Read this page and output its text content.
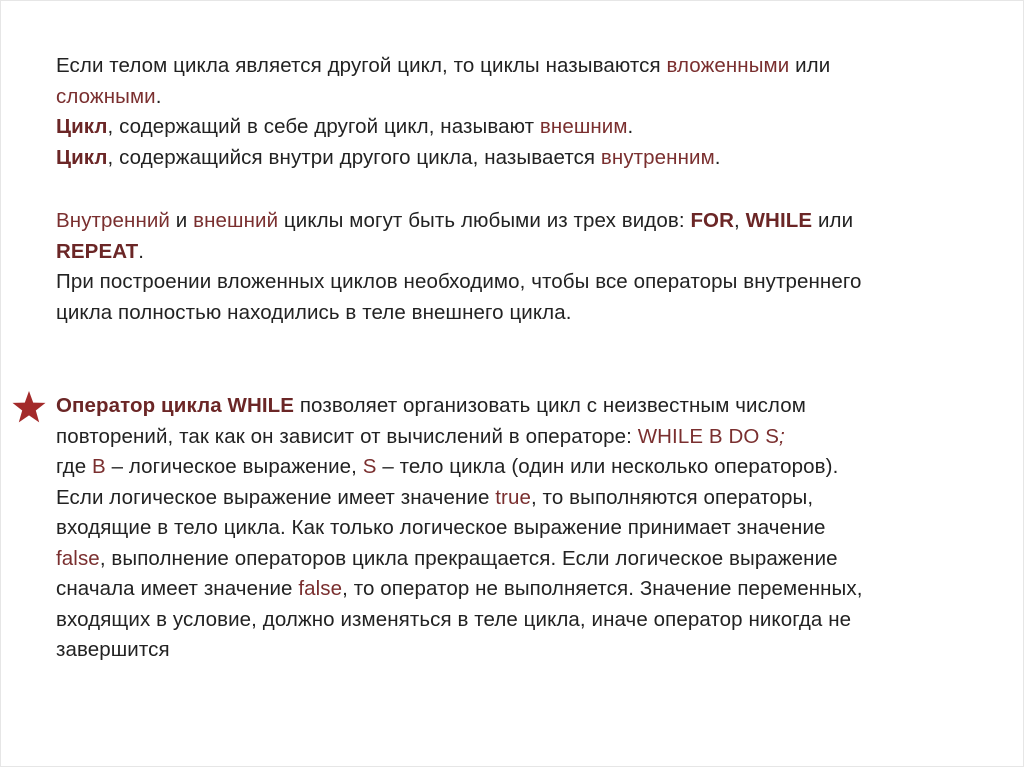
Если телом цикла является другой цикл, то циклы называются вложенными или
сложными.
Цикл, содержащий в себе другой цикл, называют внешним.
Цикл, содержащийся внутри другого цикла, называется внутренним.
Внутренний и внешний циклы могут быть любыми из трех видов: FOR, WHILE или
REPEAT.
При построении вложенных циклов необходимо, чтобы все операторы внутреннего
цикла полностью находились в теле внешнего цикла.
Оператор цикла WHILE позволяет организовать цикл с неизвестным числом
повторений, так как он зависит от вычислений в операторе: WHILE B DO S;
где B – логическое выражение, S – тело цикла (один или несколько операторов).
Если логическое выражение имеет значение true, то выполняются операторы,
входящие в тело цикла. Как только логическое выражение принимает значение
false, выполнение операторов цикла прекращается. Если логическое выражение
сначала имеет значение false, то оператор не выполняется. Значение переменных,
входящих в условие, должно изменяться в теле цикла, иначе оператор никогда не
завершится
